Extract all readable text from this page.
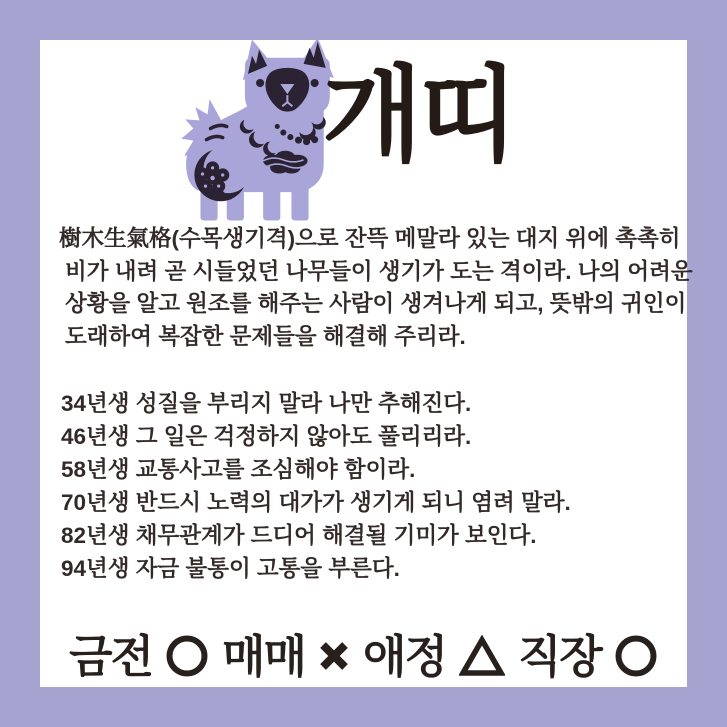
개띠
樹木生氣格(수목생기격)으로 잔뜩 메말라 있는 대지 위에 촉촉히
비가 내려 곧 시들었던 나무들이 생기가 도는 격이라. 나의 어려운
상황을 알고 원조를 해주는 사람이 생겨나게 되고, 뜻밖의 귀인이
도래하여 복잡한 문제들을 해결해 주리라.
34년생 성질을 부리지 말라 나만 추해진다.
46년생 그 일은 걱정하지 않아도 풀리리라.
58년생 교통사고를 조심해야 함이라.
70년생 반드시 노력의 대가가 생기게 되니 염려 말라.
82년생 채무관계가 드디어 해결될 기미가 보인다.
94년생 자금 불통이 고통을 부른다.
금전 매매 애정 직장
